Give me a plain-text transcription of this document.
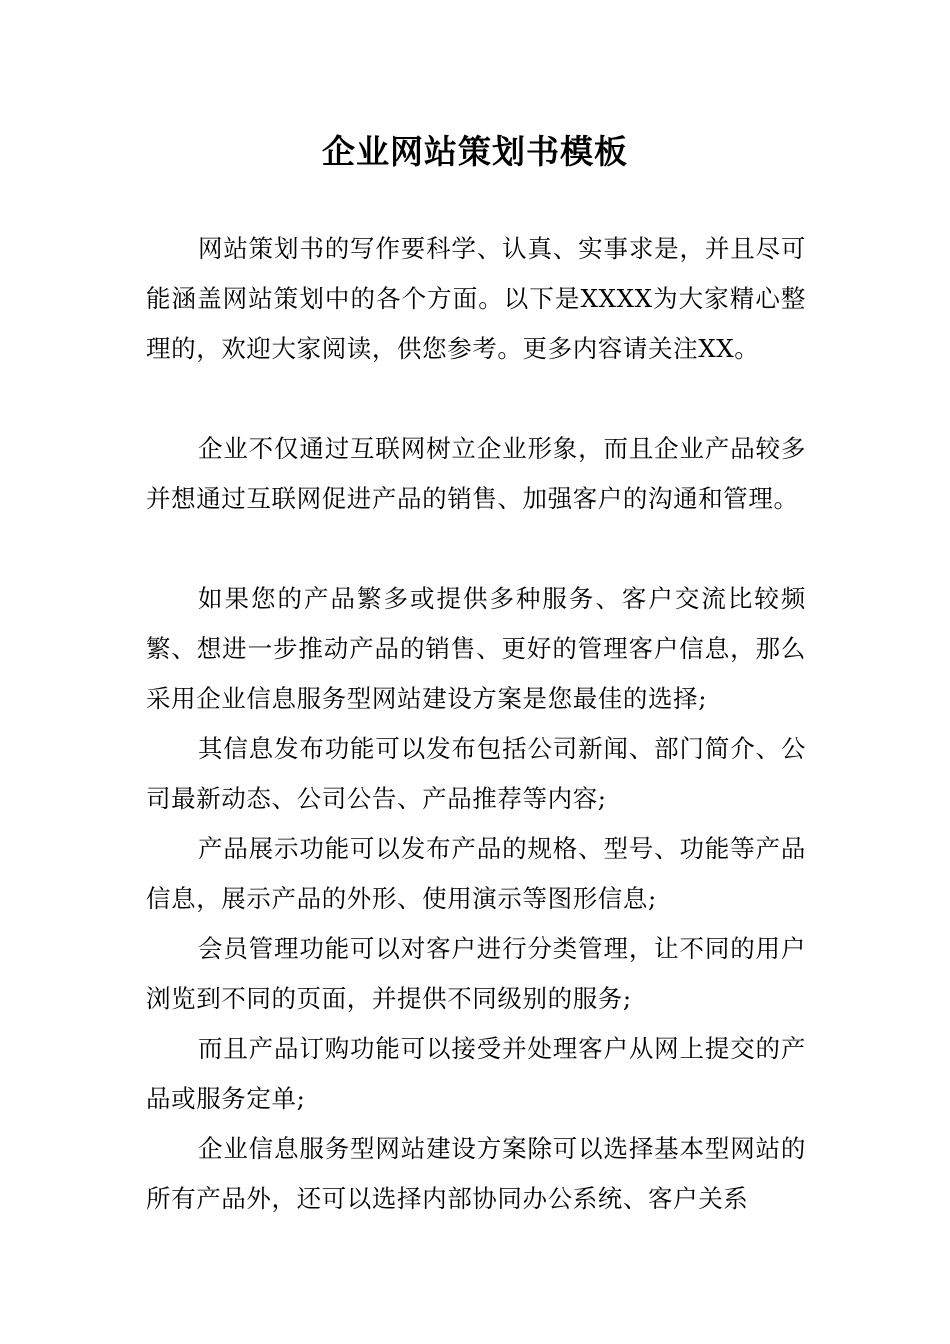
企业网站策划书模板

网站策划书的写作要科学、认真、实事求是，并且尽可能涵盖网站策划中的各个方面。以下是XXXX为大家精心整理的，欢迎大家阅读，供您参考。更多内容请关注XX。

企业不仅通过互联网树立企业形象，而且企业产品较多并想通过互联网促进产品的销售、加强客户的沟通和管理。

如果您的产品繁多或提供多种服务、客户交流比较频繁、想进一步推动产品的销售、更好的管理客户信息，那么采用企业信息服务型网站建设方案是您最佳的选择;

其信息发布功能可以发布包括公司新闻、部门简介、公司最新动态、公司公告、产品推荐等内容;

产品展示功能可以发布产品的规格、型号、功能等产品信息，展示产品的外形、使用演示等图形信息;

会员管理功能可以对客户进行分类管理，让不同的用户浏览到不同的页面，并提供不同级别的服务;

而且产品订购功能可以接受并处理客户从网上提交的产品或服务定单;

企业信息服务型网站建设方案除可以选择基本型网站的所有产品外，还可以选择内部协同办公系统、客户关系
